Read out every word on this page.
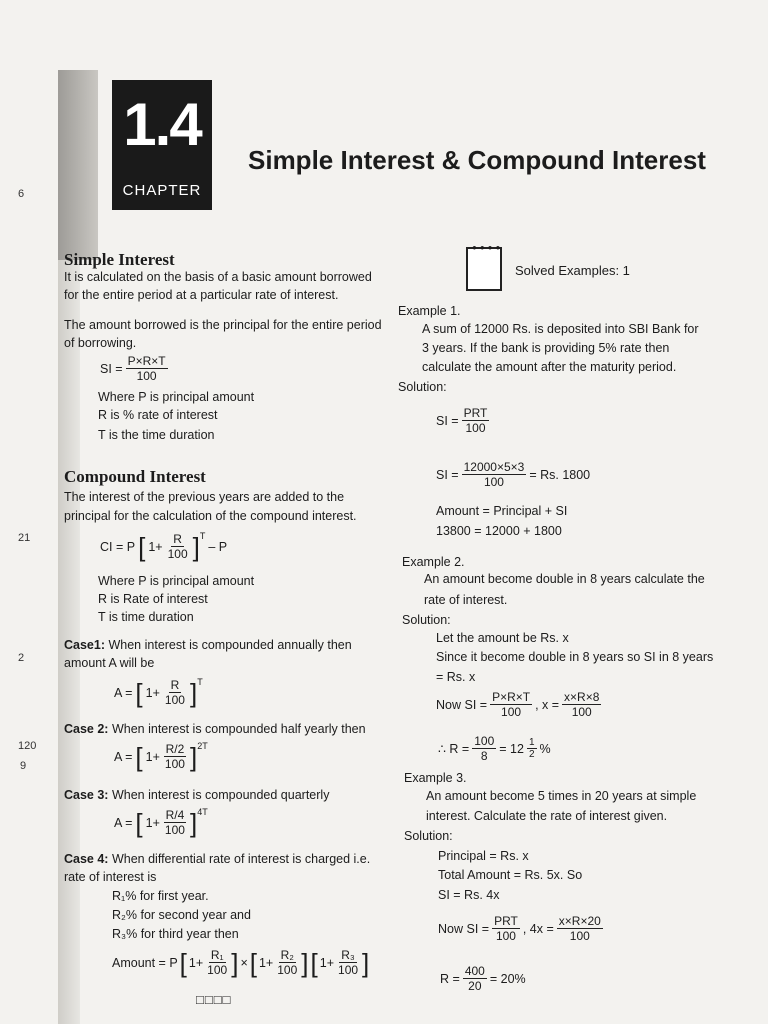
6
21
2
120
9
1.4
CHAPTER
Simple Interest & Compound Interest
Simple Interest
It is calculated on the basis of a basic amount borrowed
for the entire period at a particular rate of interest.
The amount borrowed is the principal for the entire period
of borrowing.
SI = $\frac{P\times R\times T}{100}$
Where P is principal amount
R is % rate of interest
T is the time duration
Compound Interest
The interest of the previous years are added to the
principal for the calculation of the compound interest.
CI = P [ $1+ \frac{R}{100} ]^T$
– P
Where P is principal amount
R is Rate of interest
T is time duration
Case1: When interest is compounded annually then
amount A will be
A = [ $1+ \frac{R}{100} ]^T$
Case 2: When interest is compounded half yearly then
A = [ $1+ \frac{R/2}{100} ]^{2T}$
Case 3: When interest is compounded quarterly
A = [ $1+ \frac{R/4}{100} ]^{4T}$
Case 4: When differential rate of interest is charged i.e.
rate of interest is
R₁% for first year.
R₂% for second year and
R₃% for third year then
Amount = P [ $1+ \frac{\text{R₁}}{100}$ ] × [ $1+ \frac{\text{R₂}}{100}$ ] [ $1+ \frac{\text{R₃}}{100}$ ]
□□□□
●●●●
Solved Examples: 1
Example 1.
A sum of 12000 Rs. is deposited into SBI Bank for
3 years. If the bank is providing 5% rate then
calculate the amount after the maturity period.
Solution:
SI = $\frac{\text{PRT}}{100}$
SI = $\frac{12000\times 5\times 3}{100} = Rs$. 1800
Amount = Principal + SI
13800 = 12000 + 1800
Example 2.
An amount become double in 8 years calculate the
rate of interest.
Solution:
Let the amount be Rs. x
Since it become double in 8 years so SI in 8 years
= Rs. x
Now SI = $\frac{P\times R\times T}{100}$ , $x = \frac{x\times R\times 8}{100}$
∴ $R = \frac{100}{8} = 12 \frac{1}{2}$ %
Example 3.
An amount become 5 times in 20 years at simple
interest. Calculate the rate of interest given.
Solution:
Principal = Rs. x
Total Amount = Rs. 5x. So
SI = Rs. 4x
Now SI = $\frac{\text{PRT}}{100}$ , $4x = \frac{x\times R\times 20}{100}$
$R = \frac{400}{20} = 20\%$
